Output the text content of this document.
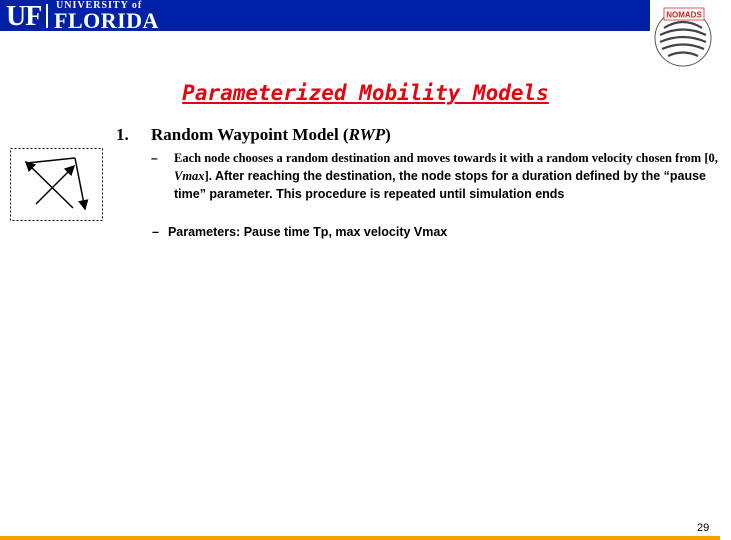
UF UNIVERSITY of
FLORIDA	NOMADS
Parameterized Mobility Models
1. Random Waypoint Model (RWP)
– Each node chooses a random destination and moves towards it with a random velocity chosen from [0, Vmax]. After reaching the destination, the node stops for a duration defined by the “pause time” parameter. This procedure is repeated until simulation ends
– Parameters: Pause time Tp, max velocity Vmax
29
